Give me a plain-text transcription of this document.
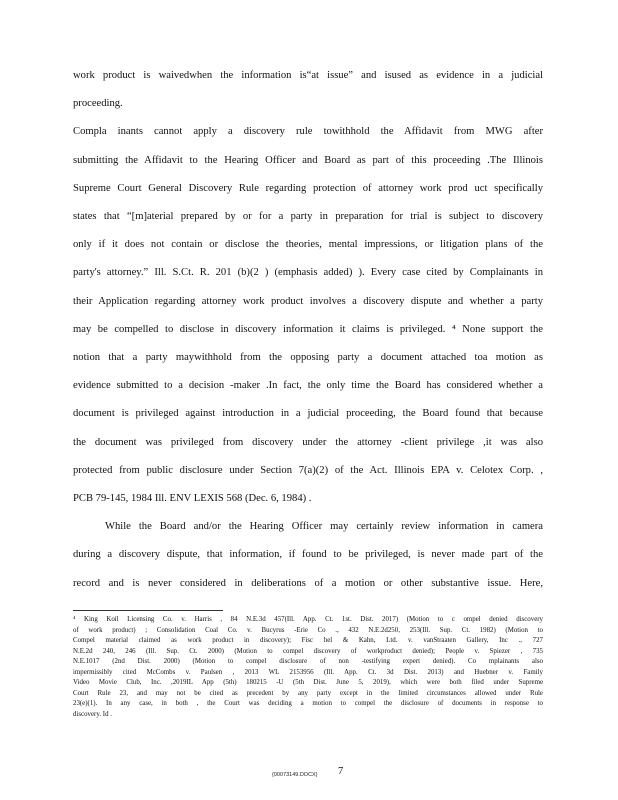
work product is waivedwhen the information is“at issue” and isused as evidence in a judicial
proceeding.
Compla inants cannot apply a discovery rule towithhold the Affidavit from MWG after
submitting the Affidavit to the Hearing Officer and Board as part of this proceeding .The Illinois
Supreme Court General Discovery Rule regarding protection of attorney work prod uct specifically
states that “[m]aterial prepared by or for a party in preparation for trial is subject to discovery
only if it does not contain or disclose the theories, mental impressions, or litigation plans of the
party's attorney.” Ill. S.Ct. R. 201 (b)(2 ) (emphasis added) ). Every case cited by Complainants in
their Application regarding attorney work product involves a discovery dispute and whether a party
may be compelled to disclose in discovery information it claims is privileged. ⁴ None support the
notion that a party maywithhold from the opposing party a document attached toa motion as
evidence submitted to a decision -maker .In fact, the only time the Board has considered whether a
document is privileged against introduction in a judicial proceeding, the Board found that because
the document was privileged from discovery under the attorney -client privilege ,it was also
protected from public disclosure under Section 7(a)(2) of the Act. Illinois EPA v. Celotex Corp. ,
PCB 79-145, 1984 Ill. ENV LEXIS 568 (Dec. 6, 1984) .
While the Board and/or the Hearing Officer may certainly review information in camera
during a discovery dispute, that information, if found to be privileged, is never made part of the
record and is never considered in deliberations of a motion or other substantive issue. Here,
⁴ King Koil Licensing Co. v. Harris , 84 N.E.3d 457(Ill. App. Ct. 1st. Dist. 2017) (Motion to c ompel denied discovery
of work product) ; Consolidation Coal Co. v. Bucyrus -Erie Co ., 432 N.E.2d250, 253(Ill. Sup. Ct. 1982) (Motion to
Compel material claimed as work product in discovery); Fisc hel & Kahn, Ltd. v. vanStraaten Gallery, Inc ., 727
N.E.2d 240, 246 (Ill. Sup. Ct. 2000) (Motion to compel discovery of workproduct denied); People v. Spiezer , 735
N.E.1017 (2nd Dist. 2000) (Motion to compel disclosure of non -testifying expert denied). Co mplainants also
impermissibly cited McCombs v. Paulsen , 2013 WL 2153956 (Ill. App. Ct. 3d Dist. 2013) and Huebner v. Family
Video Movie Club, Inc. ,2019IL App (5th) 180215 -U (5th Dist. June 5, 2019), which were both filed under Supreme
Court Rule 23, and may not be cited as precedent by any party except in the limited circumstances allowed under Rule
23(e)(1). In any case, in both , the Court was deciding a motion to compel the disclosure of documents in response to
discovery. Id .
{00073149.DOCX} 7
